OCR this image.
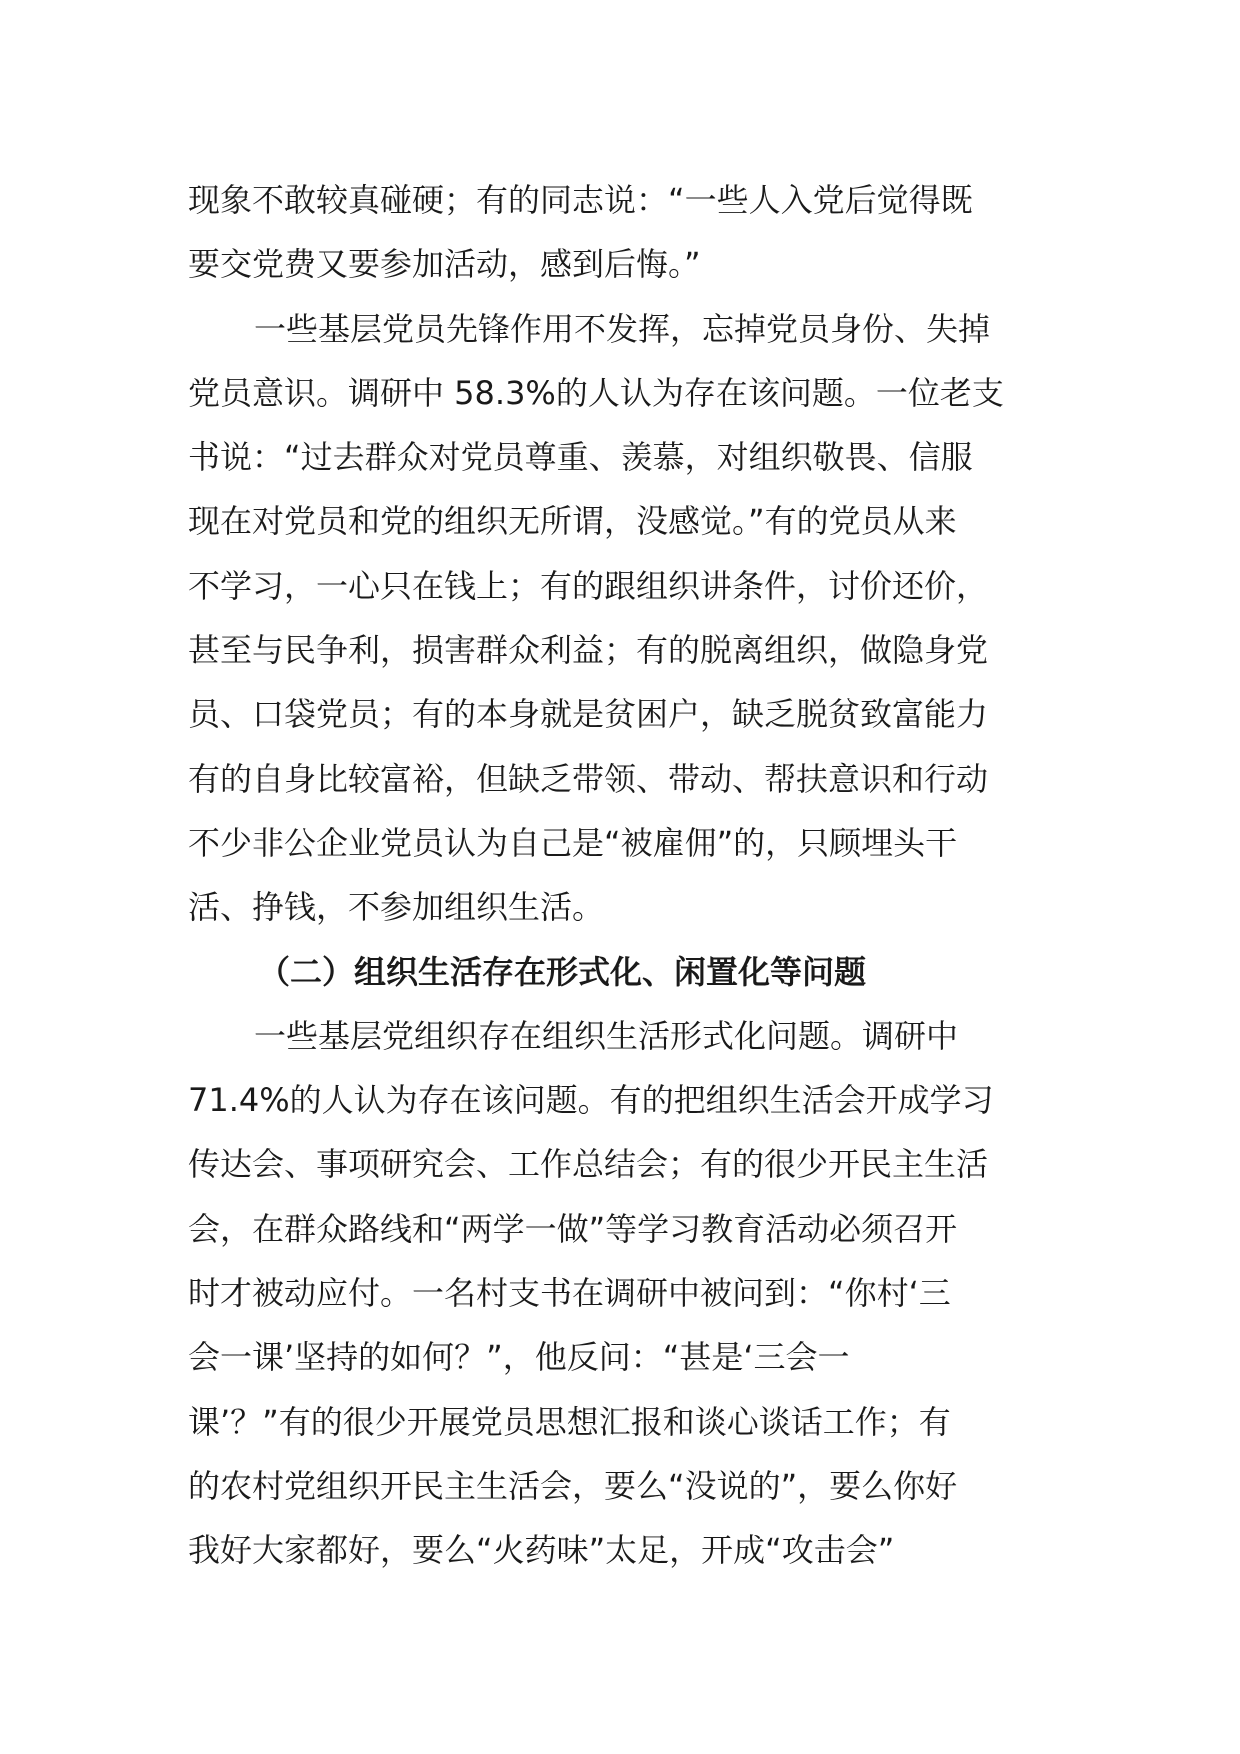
现象不敢较真碰硬；有的同志说：“一些人入党后觉得既
要交党费又要参加活动，感到后悔。”
一些基层党员先锋作用不发挥，忘掉党员身份、失掉
党员意识。调研中 58.3%的人认为存在该问题。一位老支
书说：“过去群众对党员尊重、羡慕，对组织敬畏、信服
现在对党员和党的组织无所谓，没感觉。”有的党员从来
不学习，一心只在钱上；有的跟组织讲条件，讨价还价，
甚至与民争利，损害群众利益；有的脱离组织，做隐身党
员、口袋党员；有的本身就是贫困户，缺乏脱贫致富能力
有的自身比较富裕，但缺乏带领、带动、帮扶意识和行动
不少非公企业党员认为自己是“被雇佣”的，只顾埋头干
活、挣钱，不参加组织生活。
（二）组织生活存在形式化、闲置化等问题
一些基层党组织存在组织生活形式化问题。调研中
71.4%的人认为存在该问题。有的把组织生活会开成学习
传达会、事项研究会、工作总结会；有的很少开民主生活
会，在群众路线和“两学一做”等学习教育活动必须召开
时才被动应付。一名村支书在调研中被问到：“你村‘三
会一课’坚持的如何？”，他反问：“甚是‘三会一
课’？”有的很少开展党员思想汇报和谈心谈话工作；有
的农村党组织开民主生活会，要么“没说的”，要么你好
我好大家都好，要么“火药味”太足，开成“攻击会”
